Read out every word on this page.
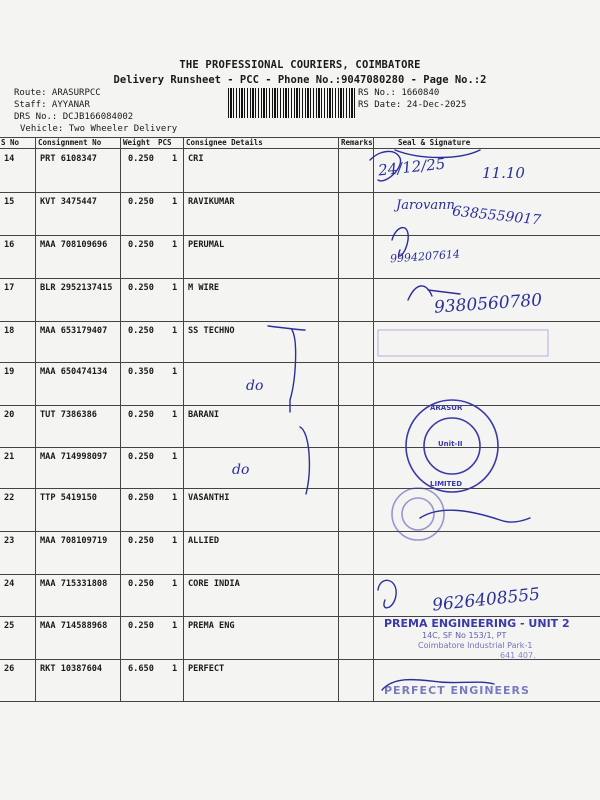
THE PROFESSIONAL COURIERS, COIMBATORE
Delivery Runsheet - PCC - Phone No.:9047080280 - Page No.:2
Route: ARASURPCC
Staff: AYYANAR
DRS No.: DCJB166084002
Vehicle: Two Wheeler Delivery
RS No.: 1660840
RS Date: 24-Dec-2025
S No	Consignment No	Weight PCS Consignee Details	Remarks	Seal & Signature
14	PRT 6108347	0.250 1 CRI
15	KVT 3475447	0.250 1 RAVIKUMAR
16	MAA 708109696 0.250 1 PERUMAL
17	BLR 2952137415 0.250 1 M WIRE
18	MAA 653179407 0.250 1 SS TECHNO
19	MAA 650474134 0.350 1
20	TUT 7386386	0.250 1 BARANI
21	MAA 714998097 0.250 1
22	TTP 5419150	0.250 1 VASANTHI
23	MAA 708109719 0.250 1 ALLIED
24	MAA 715331808 0.250 1 CORE INDIA
25	MAA 714588968 0.250 1 PREMA ENG
26	RKT 10387604	6.650 1 PERFECT
24/12/25 11.10
Jarovann
6385559017
9994207614
9380560780
do
do
9626408555
ARASUR
Unit-II
LIMITED
PREMA ENGINEERING - UNIT 2
14C, SF No 153/1, PT
Coimbatore Industrial Park-1
641 407.
PERFECT ENGINEERS
